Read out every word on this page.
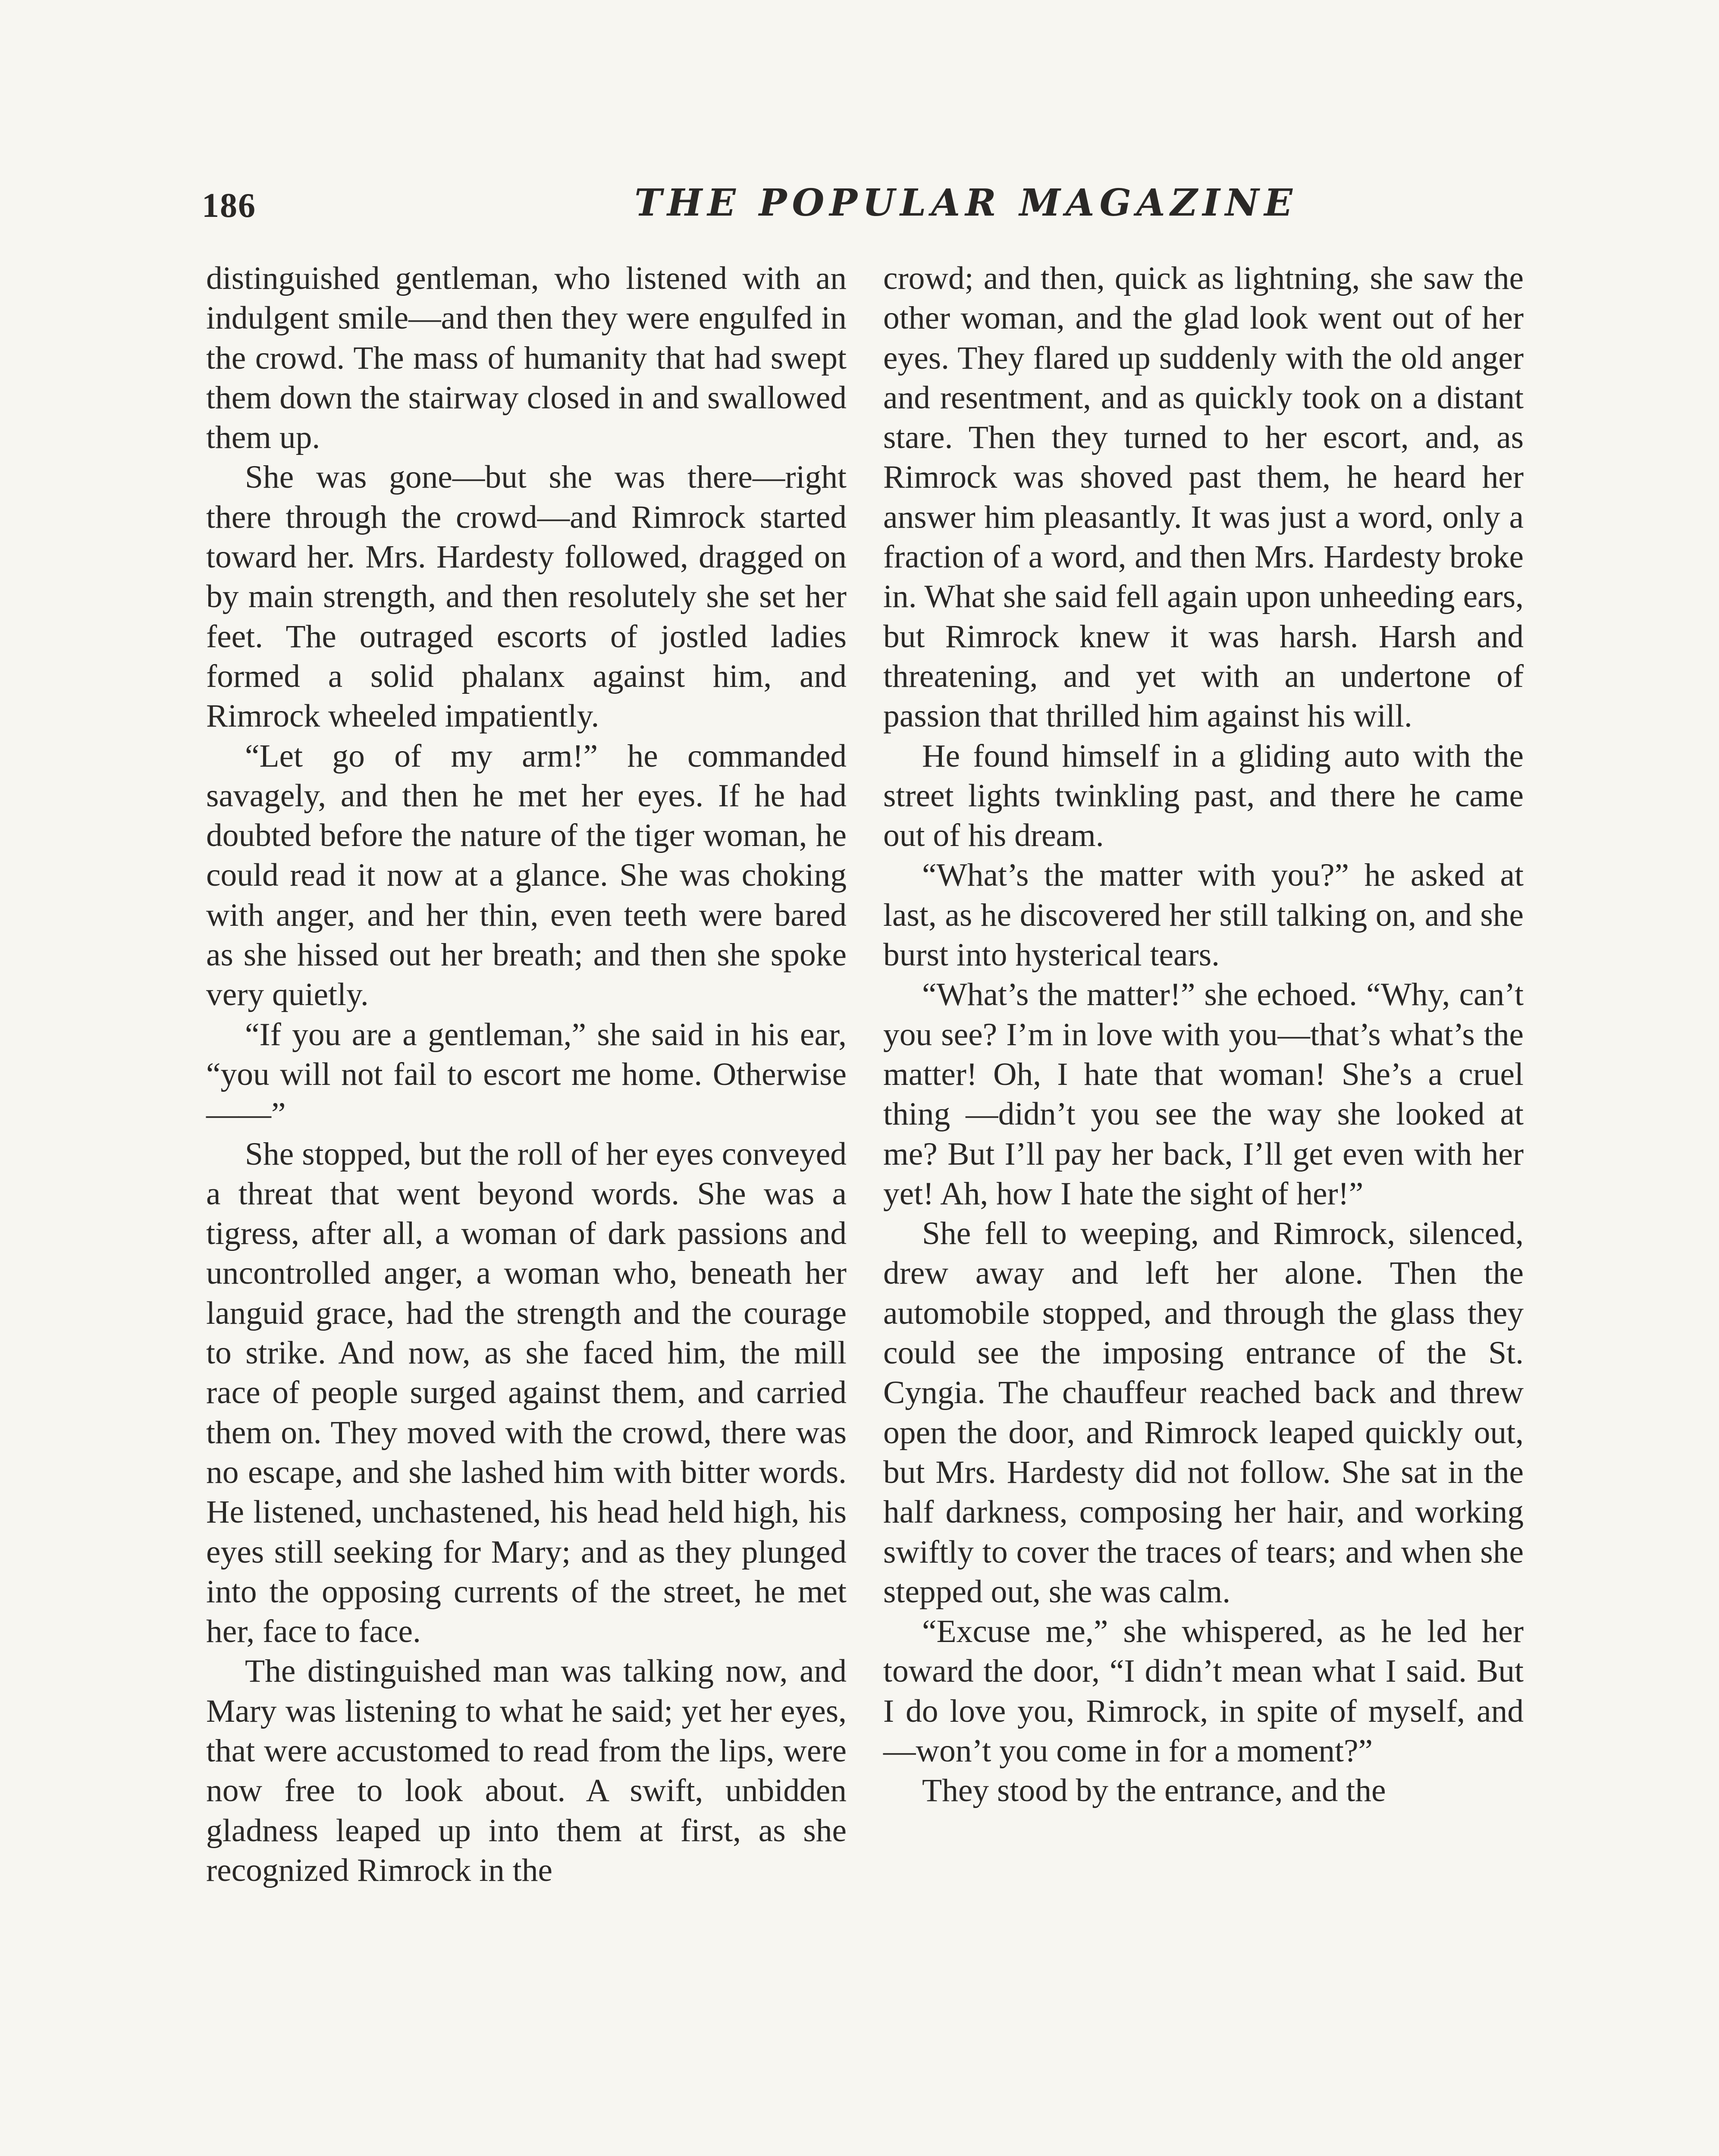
186	THE POPULAR MAGAZINE

distinguished gentleman, who listened with an indulgent smile—and then they were engulfed in the crowd. The mass of humanity that had swept them down the stairway closed in and swallowed them up.

She was gone—but she was there—right there through the crowd—and Rimrock started toward her. Mrs. Hardesty followed, dragged on by main strength, and then resolutely she set her feet. The outraged escorts of jostled ladies formed a solid phalanx against him, and Rimrock wheeled impatiently.

“Let go of my arm!” he commanded savagely, and then he met her eyes. If he had doubted before the nature of the tiger woman, he could read it now at a glance. She was choking with anger, and her thin, even teeth were bared as she hissed out her breath; and then she spoke very quietly.

“If you are a gentleman,” she said in his ear, “you will not fail to escort me home. Otherwise——”

She stopped, but the roll of her eyes conveyed a threat that went beyond words. She was a tigress, after all, a woman of dark passions and uncontrolled anger, a woman who, beneath her languid grace, had the strength and the courage to strike. And now, as she faced him, the mill race of people surged against them, and carried them on. They moved with the crowd, there was no escape, and she lashed him with bitter words. He listened, unchastened, his head held high, his eyes still seeking for Mary; and as they plunged into the opposing currents of the street, he met her, face to face.

The distinguished man was talking now, and Mary was listening to what he said; yet her eyes, that were accustomed to read from the lips, were now free to look about. A swift, unbidden gladness leaped up into them at first, as she recognized Rimrock in the

crowd; and then, quick as lightning, she saw the other woman, and the glad look went out of her eyes. They flared up suddenly with the old anger and resentment, and as quickly took on a distant stare. Then they turned to her escort, and, as Rimrock was shoved past them, he heard her answer him pleasantly. It was just a word, only a fraction of a word, and then Mrs. Hardesty broke in. What she said fell again upon unheeding ears, but Rimrock knew it was harsh. Harsh and threatening, and yet with an undertone of passion that thrilled him against his will.

He found himself in a gliding auto with the street lights twinkling past, and there he came out of his dream.

“What’s the matter with you?” he asked at last, as he discovered her still talking on, and she burst into hysterical tears.

“What’s the matter!” she echoed. “Why, can’t you see? I’m in love with you—that’s what’s the matter! Oh, I hate that woman! She’s a cruel thing —didn’t you see the way she looked at me? But I’ll pay her back, I’ll get even with her yet! Ah, how I hate the sight of her!”

She fell to weeping, and Rimrock, silenced, drew away and left her alone. Then the automobile stopped, and through the glass they could see the imposing entrance of the St. Cyngia. The chauffeur reached back and threw open the door, and Rimrock leaped quickly out, but Mrs. Hardesty did not follow. She sat in the half darkness, composing her hair, and working swiftly to cover the traces of tears; and when she stepped out, she was calm.

“Excuse me,” she whispered, as he led her toward the door, “I didn’t mean what I said. But I do love you, Rimrock, in spite of myself, and—won’t you come in for a moment?”

They stood by the entrance, and the
